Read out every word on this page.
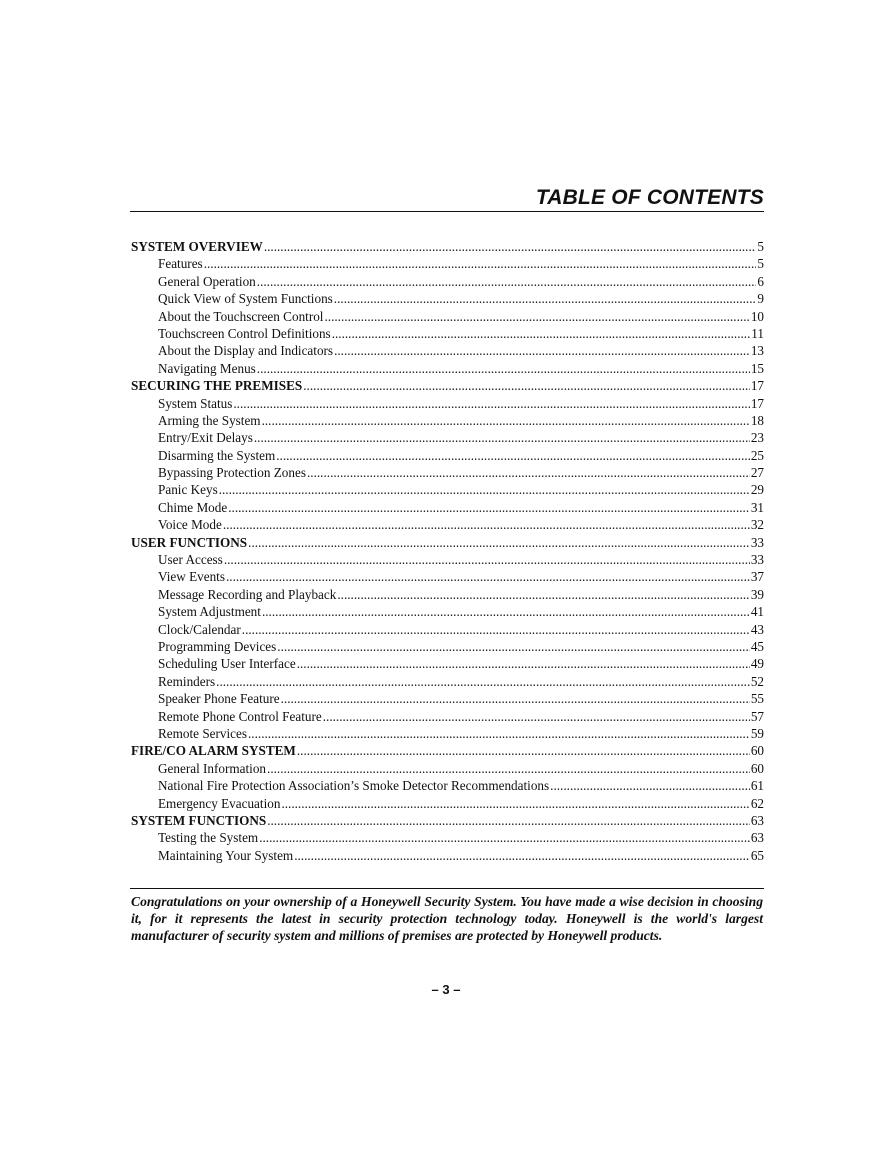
TABLE OF CONTENTS
SYSTEM OVERVIEW .....	5
Features .....	5
General Operation .....	6
Quick View of System Functions .....	9
About the Touchscreen Control .....	10
Touchscreen Control Definitions .....	11
About the Display and Indicators .....	13
Navigating Menus .....	15
SECURING THE PREMISES .....	17
System Status .....	17
Arming the System .....	18
Entry/Exit Delays .....	23
Disarming the System .....	25
Bypassing Protection Zones .....	27
Panic Keys .....	29
Chime Mode .....	31
Voice Mode .....	32
USER FUNCTIONS .....	33
User Access .....	33
View Events .....	37
Message Recording and Playback .....	39
System Adjustment .....	41
Clock/Calendar .....	43
Programming Devices .....	45
Scheduling User Interface .....	49
Reminders .....	52
Speaker Phone Feature .....	55
Remote Phone Control Feature .....	57
Remote Services .....	59
FIRE/CO ALARM SYSTEM .....	60
General Information .....	60
National Fire Protection Association’s Smoke Detector Recommendations .....	61
Emergency Evacuation .....	62
SYSTEM FUNCTIONS .....	63
Testing the System .....	63
Maintaining Your System .....	65

Congratulations on your ownership of a Honeywell Security System. You have made a wise decision in choosing it, for it represents the latest in security protection technology today. Honeywell is the world's largest manufacturer of security system and millions of premises are protected by Honeywell products.

– 3 –
